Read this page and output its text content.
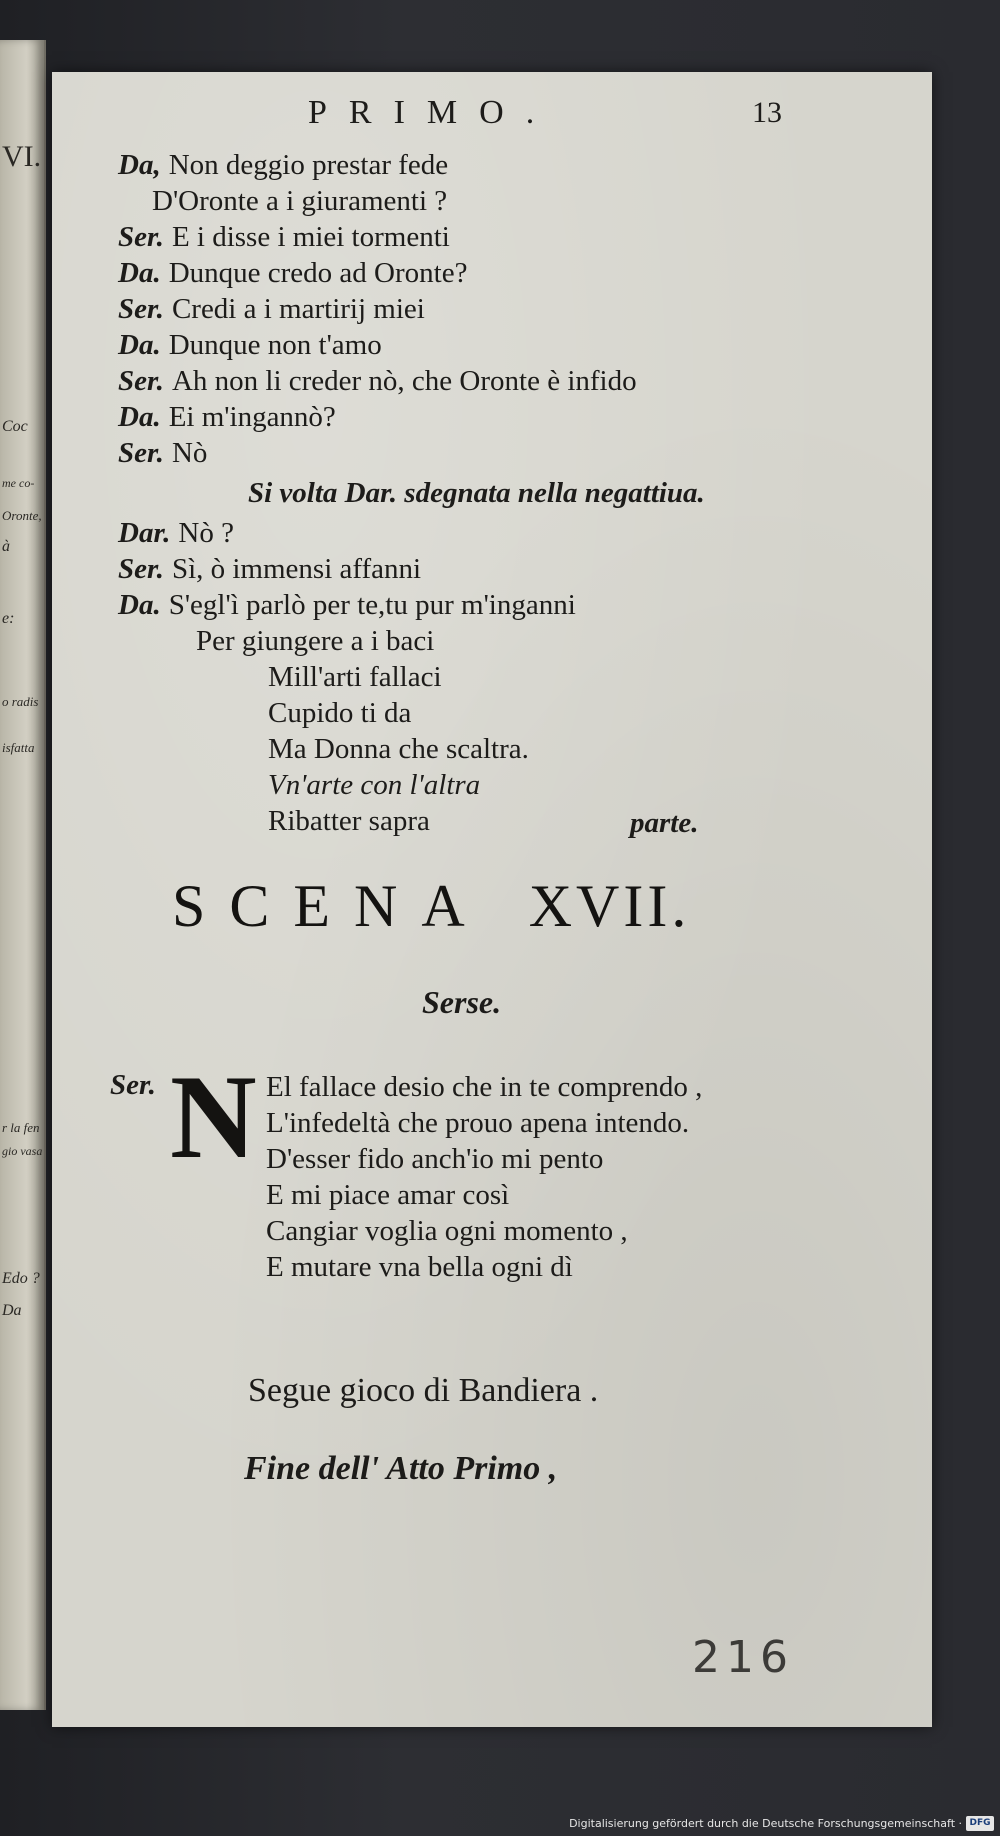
VI.
Coc
me co-
Oronte,
à
e:
o radis
isfatta
r la fen
gio vasa
Edo ?
Da
PRIMO.	13
Da, Non deggio prestar fede
D'Oronte a i giuramenti ?
Ser. E i disse i miei tormenti
Da. Dunque credo ad Oronte?
Ser. Credi a i martirij miei
Da. Dunque non t'amo
Ser. Ah non li creder nò, che Oronte è infido
Da. Ei m'ingannò?
Ser. Nò
Si volta Dar. sdegnata nella negattiua.
Dar. Nò ?
Ser. Sì, ò immensi affanni
Da. S'egl'ì parlò per te,tu pur m'inganni
Per giungere a i baci
Mill'arti fallaci
Cupido ti da
Ma Donna che scaltra.
Vn'arte con l'altra
Ribatter sapra	parte.
SCENA XVII.
Serse.
Ser. N El fallace desio che in te comprendo ,
L'infedeltà che prouo apena intendo.
D'esser fido anch'io mi pento
E mi piace amar così
Cangiar voglia ogni momento ,
E mutare vna bella ogni dì
Segue gioco di Bandiera .
Fine dell' Atto Primo ,
216
Digitalisierung gefördert durch die Deutsche Forschungsgemeinschaft · DFG
